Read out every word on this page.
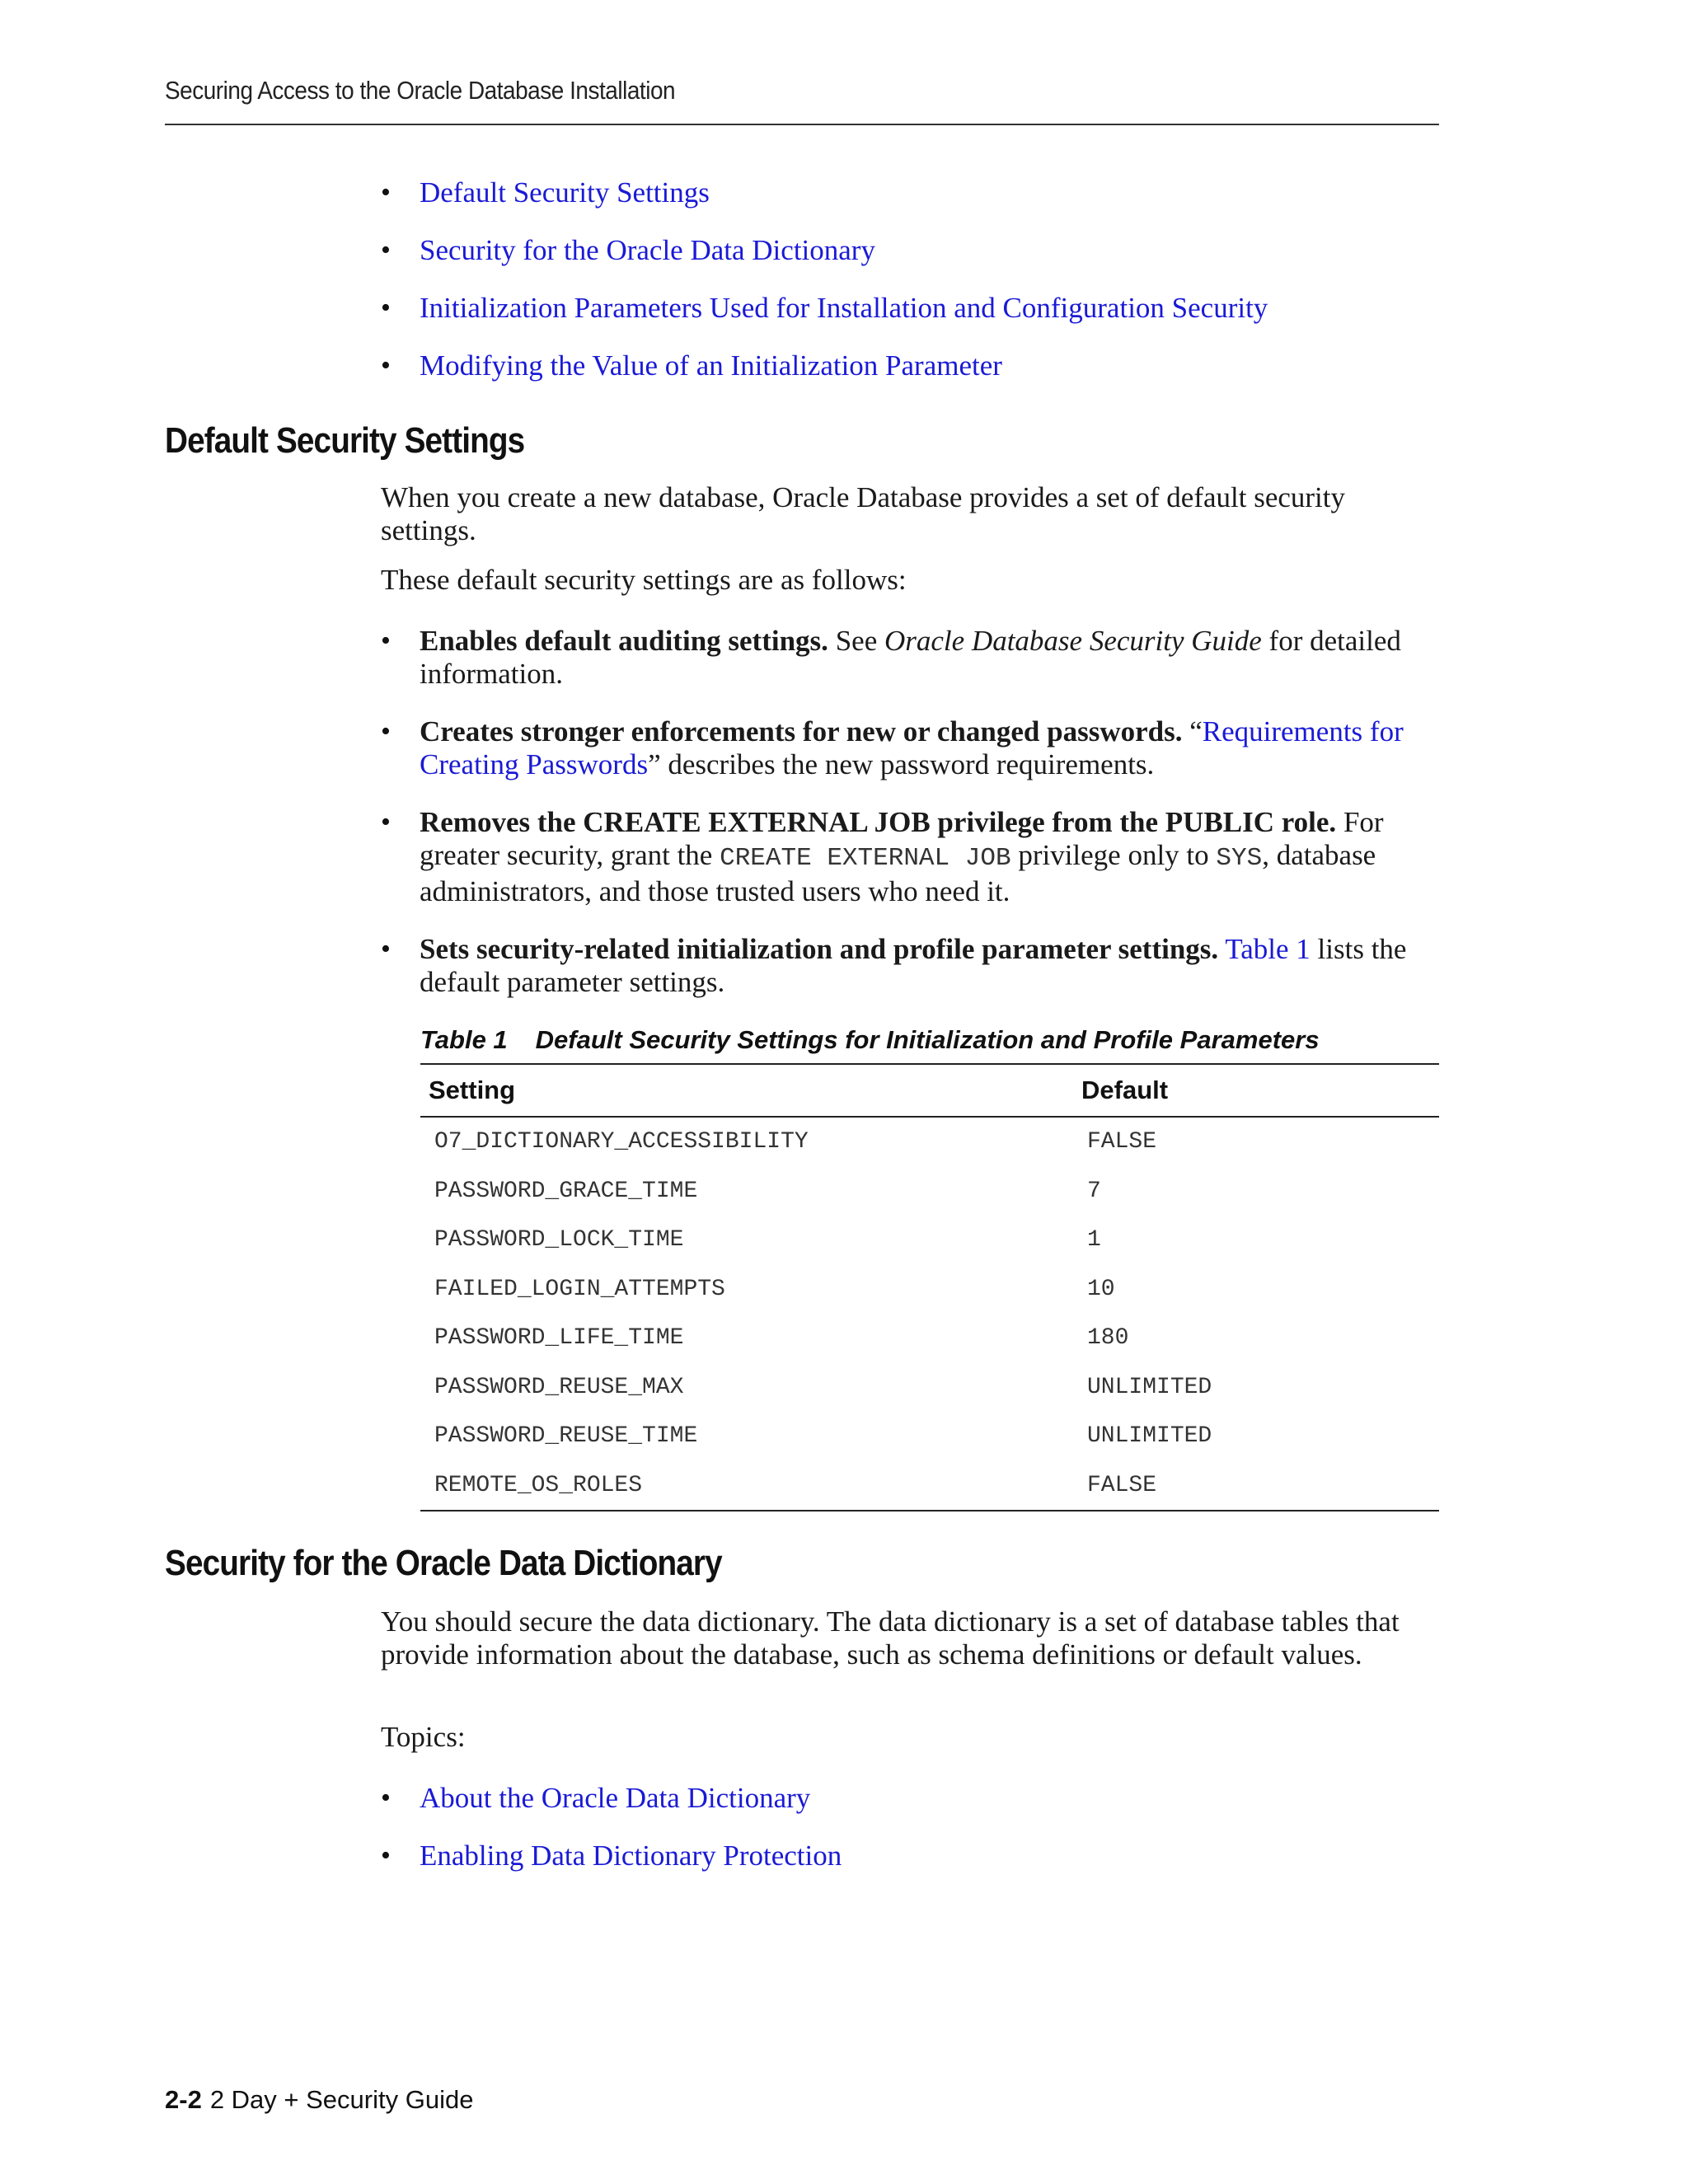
Securing Access to the Oracle Database Installation
• Default Security Settings
• Security for the Oracle Data Dictionary
• Initialization Parameters Used for Installation and Configuration Security
• Modifying the Value of an Initialization Parameter
Default Security Settings

When you create a new database, Oracle Database provides a set of default security settings.

These default security settings are as follows:

• Enables default auditing settings. See Oracle Database Security Guide for detailed information.
• Creates stronger enforcements for new or changed passwords. “Requirements for Creating Passwords” describes the new password requirements.
• Removes the CREATE EXTERNAL JOB privilege from the PUBLIC role. For greater security, grant the CREATE EXTERNAL JOB privilege only to SYS, database administrators, and those trusted users who need it.
• Sets security-related initialization and profile parameter settings. Table 1 lists the default parameter settings.
Table 1 Default Security Settings for Initialization and Profile Parameters
Setting	Default
O7_DICTIONARY_ACCESSIBILITY	FALSE
PASSWORD_GRACE_TIME	7
PASSWORD_LOCK_TIME	1
FAILED_LOGIN_ATTEMPTS	10
PASSWORD_LIFE_TIME	180
PASSWORD_REUSE_MAX	UNLIMITED
PASSWORD_REUSE_TIME	UNLIMITED
REMOTE_OS_ROLES	FALSE
Security for the Oracle Data Dictionary

You should secure the data dictionary. The data dictionary is a set of database tables that provide information about the database, such as schema definitions or default values.

Topics:

• About the Oracle Data Dictionary
• Enabling Data Dictionary Protection
2-2 2 Day + Security Guide
